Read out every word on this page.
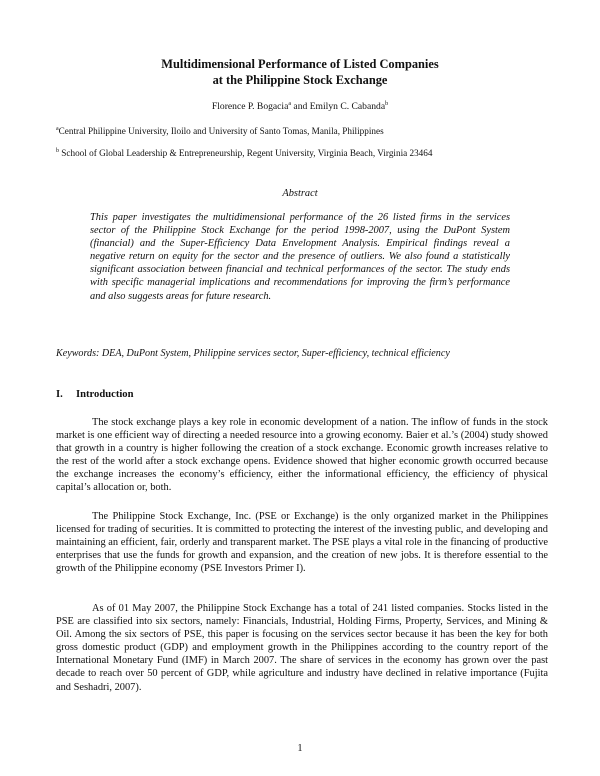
Multidimensional Performance of Listed Companies
at the Philippine Stock Exchange
Florence P. Bogacia$^a$ and Emilyn C. Cabanda$^b$
$^a$Central Philippine University, Iloilo and University of Santo Tomas, Manila, Philippines
$^b$ School of Global Leadership & Entrepreneurship, Regent University, Virginia Beach, Virginia 23464
Abstract

This paper investigates the multidimensional performance of the 26 listed firms in the services sector of the Philippine Stock Exchange for the period 1998-2007, using the DuPont System (financial) and the Super-Efficiency Data Envelopment Analysis. Empirical findings reveal a negative return on equity for the sector and the presence of outliers. We also found a statistically significant association between financial and technical performances of the sector. The study ends with specific managerial implications and recommendations for improving the firm’s performance and also suggests areas for future research.

Keywords: DEA, DuPont System, Philippine services sector, Super-efficiency, technical efficiency
I. Introduction

The stock exchange plays a key role in economic development of a nation. The inflow of funds in the stock market is one efficient way of directing a needed resource into a growing economy. Baier et al.’s (2004) study showed that growth in a country is higher following the creation of a stock exchange. Economic growth increases relative to the rest of the world after a stock exchange opens. Evidence showed that higher economic growth occurred because the exchange increases the economy’s efficiency, either the informational efficiency, the efficiency of physical capital’s allocation or, both.

The Philippine Stock Exchange, Inc. (PSE or Exchange) is the only organized market in the Philippines licensed for trading of securities. It is committed to protecting the interest of the investing public, and developing and maintaining an efficient, fair, orderly and transparent market. The PSE plays a vital role in the financing of productive enterprises that use the funds for growth and expansion, and the creation of new jobs. It is therefore essential to the growth of the Philippine economy (PSE Investors Primer I).

As of 01 May 2007, the Philippine Stock Exchange has a total of 241 listed companies. Stocks listed in the PSE are classified into six sectors, namely: Financials, Industrial, Holding Firms, Property, Services, and Mining & Oil. Among the six sectors of PSE, this paper is focusing on the services sector because it has been the key for both gross domestic product (GDP) and employment growth in the Philippines according to the country report of the International Monetary Fund (IMF) in March 2007. The share of services in the economy has grown over the past decade to reach over 50 percent of GDP, while agriculture and industry have declined in relative importance (Fujita and Seshadri, 2007).

1
